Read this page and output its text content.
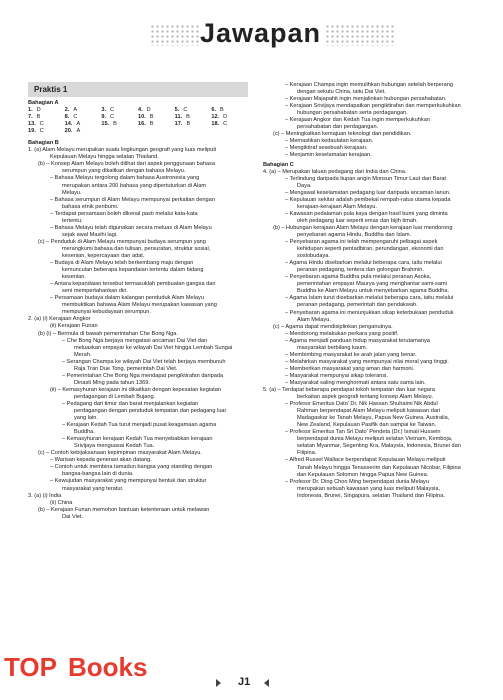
Jawapan
Praktis 1
Bahagian A
1. D	2. A	3. C	4. D	5. C	6. B
7. B	8. C	9. C	10. B	11. B	12. D
13. C	14. A	15. B	16. B	17. B	18. C
19. C	20. A
Bahagian B
1. (a) Alam Melayu merupakan suatu lingkungan geografi yang luas meliputi
Kepulauan Melayu hingga selatan Thailand.
(b) – Konsep Alam Melayu boleh dilihat dari aspek penggunaan bahasa
serumpun yang dikaitkan dengan bahasa Melayu.
– Bahasa Melayu tergolong dalam bahasa Austronesia yang
merupakan antara 200 bahasa yang dipertuturkan di Alam
Melayu.
– Bahasa serumpun di Alam Melayu mempunyai perkaitan dengan
bahasa etnik peribumi.
– Terdapat persamaan boleh dikenal pasti melalui kata-kata
tertentu.
– Bahasa Melayu telah digunakan secara meluas di Alam Melayu
sejak awal Masihi lagi.
(c) – Penduduk di Alam Melayu mempunyai budaya serumpun yang
merangkumi bahasa dan tulisan, persuratan, struktur sosial,
kesenian, kepercayaan dan adat.
– Budaya di Alam Melayu telah berkembang maju dengan
kemunculan beberapa kepandaian tertentu dalam bidang
kesenian.
– Antara kepandaian tersebut termasuklah pembuatan gangsa dan
seni mempertahankan diri.
– Persamaan budaya dalam kalangan penduduk Alam Melayu
membuktikan bahawa Alam Melayu merupakan kawasan yang
mempunyai kebudayaan serumpun.
2. (a) (i) Kerajaan Angkor
(ii) Kerajaan Funan
(b) (i) – Bermula di bawah pemerintahan Che Bong Nga.
– Che Bong Nga berjaya mengatasi ancaman Dai Viet dan
meluaskan empayar ke wilayah Dai Viet hingga Lembah Sungai
Merah.
– Serangan Champa ke wilayah Dai Viet telah berjaya membunuh
Raja Tran Due Tong, pemerintah Dai Viet.
– Pemerintahan Che Bong Nga mendapat pengiktirafan daripada
Dinasti Ming pada tahun 1369.
(ii) – Kemasyhuran kerajaan ini dikaitkan dengan kepesatan kegiatan
perdagangan di Lembah Bujang.
– Pedagang dari timur dan barat menjalankan kegiatan
perdagangan dengan penduduk tempatan dan pedagang luar
yang lain.
– Kerajaan Kedah Tua turut menjadi pusat keagamaan agama
Buddha.
– Kemasyhuran kerajaan Kedah Tua menyebabkan kerajaan
Srivijaya menguasai Kedah Tua.
(c) – Contoh kebijaksanaan kepimpinan masyarakat Alam Melayu.
– Warisan kepada generasi akan datang.
– Contoh untuk membina tamadun bangsa yang standing dengan
bangsa-bangsa lain di dunia.
– Kewujudan masyarakat yang mempunyai bentuk dan struktur
masyarakat yang teratur.
3. (a) (i) India
(ii) China
(b) – Kerajaan Funan memohon bantuan ketenteraan untuk melawan
Dai Viet.
– Kerajaan Champa ingin memulihkan hubungan setelah berperang
dengan sekutu China, iaitu Dai Viet.
– Kerajaan Majapahit ingin menjalinkan hubungan persahabatan.
– Kerajaan Srivijaya mendapatkan pengiktirafan dan memperkukuhkan
hubungan persahabatan serta perdagangan.
– Kerajaan Angkor dan Kedah Tua ingin memperkukuhkan
persahabatan dan perdagangan.
(c) – Meningkatkan kemajuan teknologi dan pendidikan.
– Memastikan kedaulatan kerajaan.
– Mengiktiraf sesebuah kerajaan.
– Menjamin keselamatan kerajaan.
Bahagian C
4. (a) – Merupakan laluan pedagang dari India dan China.
– Terlindung daripada tiupan angin Monsun Timur Laut dan Barat
Daya.
– Mengawal keselamatan pedagang luar daripada ancaman lanun.
– Kepulauan sekitar adalah pembekal rempah-ratus utama kepada
kerajaan-kerajaan Alam Melayu.
– Kawasan pedalaman pula kaya dengan hasil bumi yang diminta
oleh pedagang luar seperti emas dan bijih timah.
(b) – Hubungan kerajaan Alam Melayu dengan kerajaan luar mendorong
penyebaran agama Hindu, Buddha dan Islam.
– Penyebaran agama ini telah mempengaruhi pelbagai aspek
kehidupan seperti pentadbiran, perundangan, ekonomi dan
sosiobudaya.
– Agama Hindu disebarkan melalui beberapa cara, iaitu melalui
peranan pedagang, tentera dan golongan Brahmin.
– Penyebaran agama Buddha pula melalui peranan Asoka,
pemerintahan empayar Maurya yang menghantar sami-sami
Buddha ke Alam Melayu untuk menyebarkan agama Buddha.
– Agama Islam turut disebarkan melalui beberapa cara, iaitu melalui
peranan pedagang, pemerintah dan pendakwah.
– Penyebaran agama ini menunjukkan sikap keterbukaan penduduk
Alam Melayu.
(c) – Agama dapat mendisiplinkan penganutnya.
– Mendorong melakukan perkara yang positif.
– Agama menjadi panduan hidup masyarakat terutamanya
masyarakat berbilang kaum.
– Membimbing masyarakat ke arah jalan yang benar.
– Melahirkan masyarakat yang mempunyai nilai moral yang tinggi.
– Memberikan masyarakat yang aman dan harmoni.
– Masyarakat mempunyai sikap toleransi.
– Masyarakat saling menghormati antara satu sama lain.
5. (a) – Terdapat beberapa pendapat tokoh tempatan dan luar negara
berkaitan aspek geografi tentang konsep Alam Melayu.
– Profesor Emeritus Dato' Dr. Nik Hassan Shuhaimi Nik Abdul
Rahman berpendapat Alam Melayu meliputi kawasan dari
Madagaskar ke Tanah Melayu, Papua New Guinea, Australia,
New Zealand, Kepulauan Pasifik dan sampai ke Taiwan.
– Profesor Emeritus Tan Sri Dato' Pendeta (Dr.) Ismail Hussein
berpendapat dunia Melayu meliputi selatan Vietnam, Kemboja,
selatan Myanmar, Segenting Kra, Malaysia, Indonesia, Brunei dan
Filipina.
– Alfred Russel Wallace berpendapat Kepulauan Melayu meliputi
Tanah Melayu hingga Tenasserim dan Kepulauan Nicobar, Filipina
dan Kepulauan Solomon hingga Papua New Guinea.
– Profesor Dr. Ding Choo Ming berpendapat dunia Melayu
merupakan sebuah kawasan yang luas meliputi Malaysia,
Indonesia, Brunei, Singapura, selatan Thailand dan Filipina.
TOP Books	J1
